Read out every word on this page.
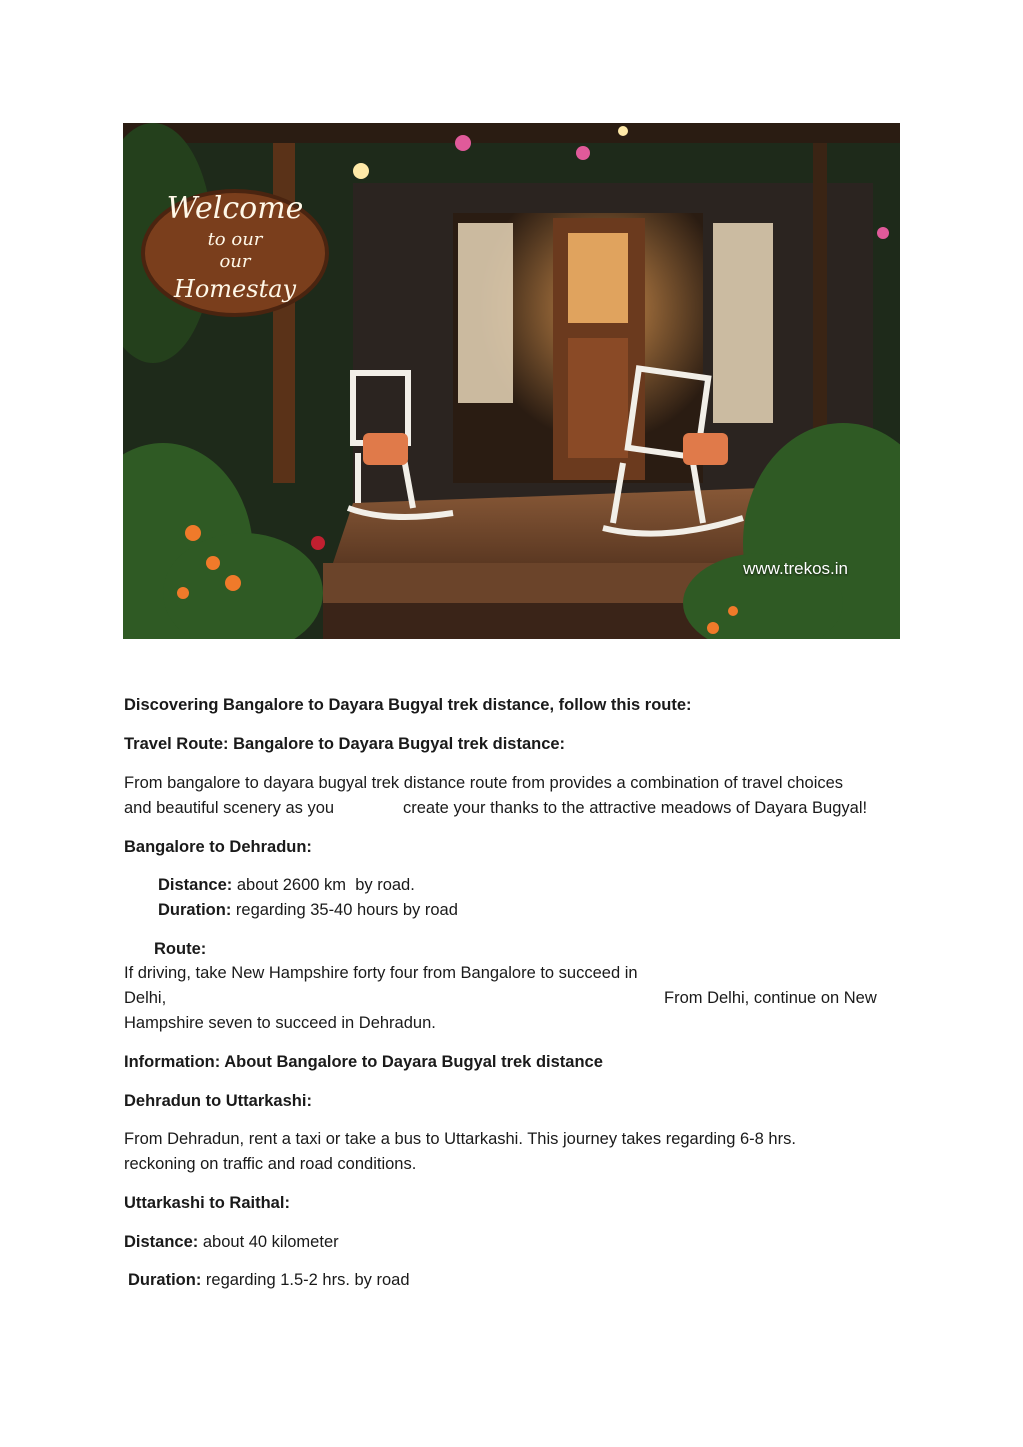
Welcome
to our
our
Homestay
www.trekos.in
Discovering Bangalore to Dayara Bugyal trek distance, follow this route:
Travel Route: Bangalore to Dayara Bugyal trek distance:
From bangalore to dayara bugyal trek distance route from provides a combination of travel choices
and beautiful scenery as you	create your thanks to the attractive meadows of Dayara Bugyal!
Bangalore to Dehradun:
Distance: about 2600 km  by road.
Duration: regarding 35-40 hours by road
Route:
If driving, take New Hampshire forty four from Bangalore to succeed in
Delhi,	From Delhi, continue on New
Hampshire seven to succeed in Dehradun.
Information: About Bangalore to Dayara Bugyal trek distance
Dehradun to Uttarkashi:
From Dehradun, rent a taxi or take a bus to Uttarkashi. This journey takes regarding 6-8 hrs.
reckoning on traffic and road conditions.
Uttarkashi to Raithal:
Distance: about 40 kilometer
Duration: regarding 1.5-2 hrs. by road
